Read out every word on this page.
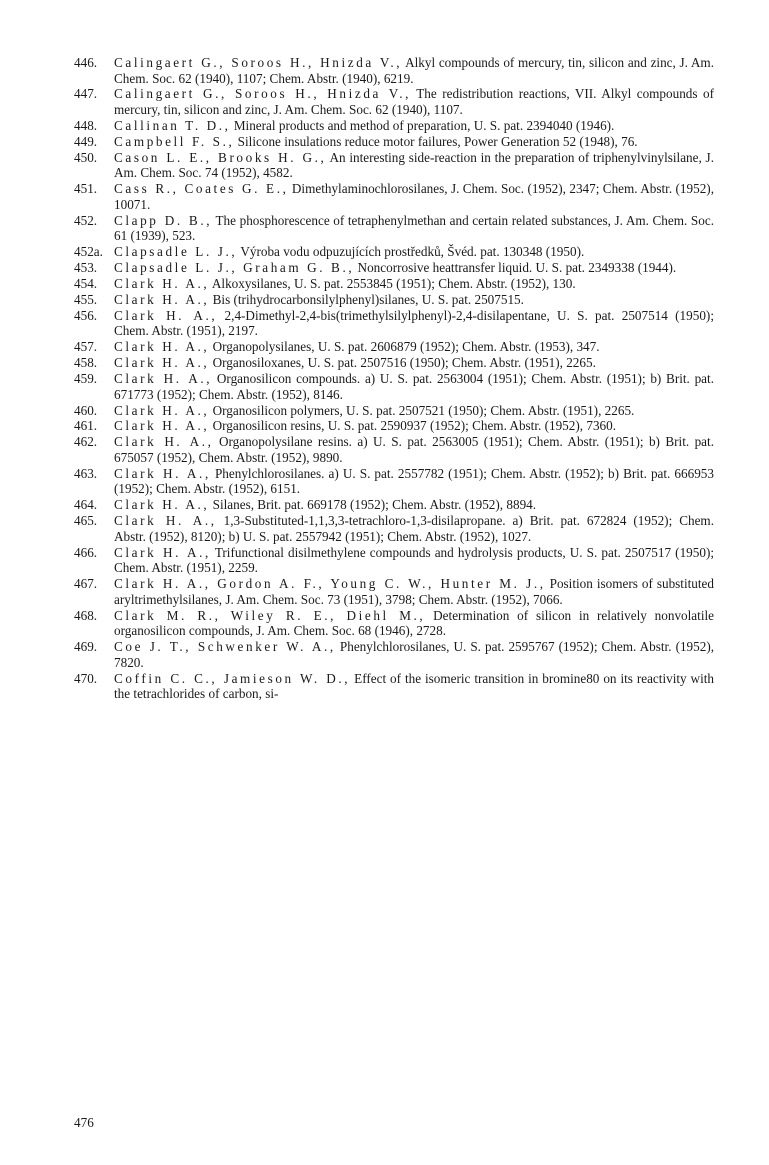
446.	Calingaert G., Soroos H., Hnizda V., Alkyl compounds of mercury, tin, silicon and zinc, J. Am. Chem. Soc. 62 (1940), 1107; Chem. Abstr. (1940), 6219.
447.	Calingaert G., Soroos H., Hnizda V., The redistribution reactions, VII. Alkyl compounds of mercury, tin, silicon and zinc, J. Am. Chem. Soc. 62 (1940), 1107.
448.	Callinan T. D., Mineral products and method of preparation, U. S. pat. 2394040 (1946).
449.	Campbell F. S., Silicone insulations reduce motor failures, Power Generation 52 (1948), 76.
450.	Cason L. E., Brooks H. G., An interesting side-reaction in the preparation of triphenylvinylsilane, J. Am. Chem. Soc. 74 (1952), 4582.
451.	Cass R., Coates G. E., Dimethylaminochlorosilanes, J. Chem. Soc. (1952), 2347; Chem. Abstr. (1952), 10071.
452.	Clapp D. B., The phosphorescence of tetraphenylmethan and certain related substances, J. Am. Chem. Soc. 61 (1939), 523.
452a. Clapsadle L. J., Výroba vodu odpuzujících prostředků, Švéd. pat. 130348 (1950).
453.	Clapsadle L. J., Graham G. B., Noncorrosive heattransfer liquid. U. S. pat. 2349338 (1944).
454.	Clark H. A., Alkoxysilanes, U. S. pat. 2553845 (1951); Chem. Abstr. (1952), 130.
455.	Clark H. A., Bis (trihydrocarbonsilylphenyl)silanes, U. S. pat. 2507515.
456.	Clark H. A., 2,4-Dimethyl-2,4-bis(trimethylsilylphenyl)-2,4-disilapentane, U. S. pat. 2507514 (1950); Chem. Abstr. (1951), 2197.
457.	Clark H. A., Organopolysilanes, U. S. pat. 2606879 (1952); Chem. Abstr. (1953), 347.
458.	Clark H. A., Organosiloxanes, U. S. pat. 2507516 (1950); Chem. Abstr. (1951), 2265.
459.	Clark H. A., Organosilicon compounds. a) U. S. pat. 2563004 (1951); Chem. Abstr. (1951); b) Brit. pat. 671773 (1952); Chem. Abstr. (1952), 8146.
460.	Clark H. A., Organosilicon polymers, U. S. pat. 2507521 (1950); Chem. Abstr. (1951), 2265.
461.	Clark H. A., Organosilicon resins, U. S. pat. 2590937 (1952); Chem. Abstr. (1952), 7360.
462.	Clark H. A., Organopolysilane resins. a) U. S. pat. 2563005 (1951); Chem. Abstr. (1951); b) Brit. pat. 675057 (1952), Chem. Abstr. (1952), 9890.
463.	Clark H. A., Phenylchlorosilanes. a) U. S. pat. 2557782 (1951); Chem. Abstr. (1952); b) Brit. pat. 666953 (1952); Chem. Abstr. (1952), 6151.
464.	Clark H. A., Silanes, Brit. pat. 669178 (1952); Chem. Abstr. (1952), 8894.
465.	Clark H. A., 1,3-Substituted-1,1,3,3-tetrachloro-1,3-disilapropane. a) Brit. pat. 672824 (1952); Chem. Abstr. (1952), 8120); b) U. S. pat. 2557942 (1951); Chem. Abstr. (1952), 1027.
466.	Clark H. A., Trifunctional disilmethylene compounds and hydrolysis products, U. S. pat. 2507517 (1950); Chem. Abstr. (1951), 2259.
467.	Clark H. A., Gordon A. F., Young C. W., Hunter M. J., Position isomers of substituted aryltrimethylsilanes, J. Am. Chem. Soc. 73 (1951), 3798; Chem. Abstr. (1952), 7066.
468.	Clark M. R., Wiley R. E., Diehl M., Determination of silicon in relatively nonvolatile organosilicon compounds, J. Am. Chem. Soc. 68 (1946), 2728.
469.	Coe J. T., Schwenker W. A., Phenylchlorosilanes, U. S. pat. 2595767 (1952); Chem. Abstr. (1952), 7820.
470.	Coffin C. C., Jamieson W. D., Effect of the isomeric transition in bromine80 on its reactivity with the tetrachlorides of carbon, si-
476
